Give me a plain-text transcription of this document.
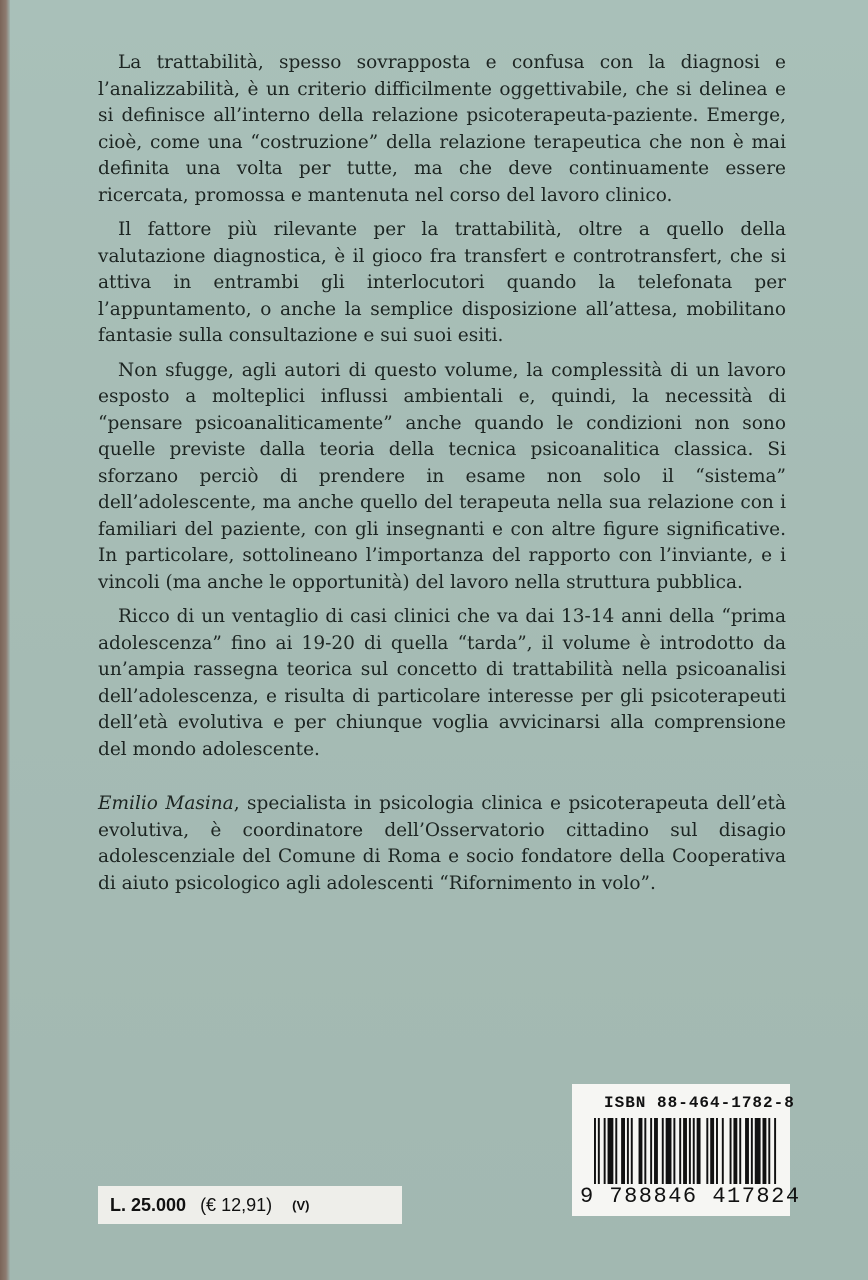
La trattabilità, spesso sovrapposta e confusa con la diagnosi e l’analizzabilità, è un criterio difficilmente oggettivabile, che si delinea e si definisce all’interno della relazione psicoterapeuta-paziente. Emerge, cioè, come una “costruzione” della relazione terapeutica che non è mai definita una volta per tutte, ma che deve continuamente essere ricercata, promossa e mantenuta nel corso del lavoro clinico.

Il fattore più rilevante per la trattabilità, oltre a quello della valutazione diagnostica, è il gioco fra transfert e controtransfert, che si attiva in entrambi gli interlocutori quando la telefonata per l’appuntamento, o anche la semplice disposizione all’attesa, mobilitano fantasie sulla consultazione e sui suoi esiti.

Non sfugge, agli autori di questo volume, la complessità di un lavoro esposto a molteplici influssi ambientali e, quindi, la necessità di “pensare psicoanaliticamente” anche quando le condizioni non sono quelle previste dalla teoria della tecnica psicoanalitica classica. Si sforzano perciò di prendere in esame non solo il “sistema” dell’adolescente, ma anche quello del terapeuta nella sua relazione con i familiari del paziente, con gli insegnanti e con altre figure significative. In particolare, sottolineano l’importanza del rapporto con l’inviante, e i vincoli (ma anche le opportunità) del lavoro nella struttura pubblica.

Ricco di un ventaglio di casi clinici che va dai 13-14 anni della “prima adolescenza” fino ai 19-20 di quella “tarda”, il volume è introdotto da un’ampia rassegna teorica sul concetto di trattabilità nella psicoanalisi dell’adolescenza, e risulta di particolare interesse per gli psicoterapeuti dell’età evolutiva e per chiunque voglia avvicinarsi alla comprensione del mondo adolescente.

Emilio Masina, specialista in psicologia clinica e psicoterapeuta dell’età evolutiva, è coordinatore dell’Osservatorio cittadino sul disagio adolescenziale del Comune di Roma e socio fondatore della Cooperativa di aiuto psicologico agli adolescenti “Rifornimento in volo”.

ISBN 88-464-1782-8
9 788846 417824
L. 25.000 (€ 12,91) (V)
